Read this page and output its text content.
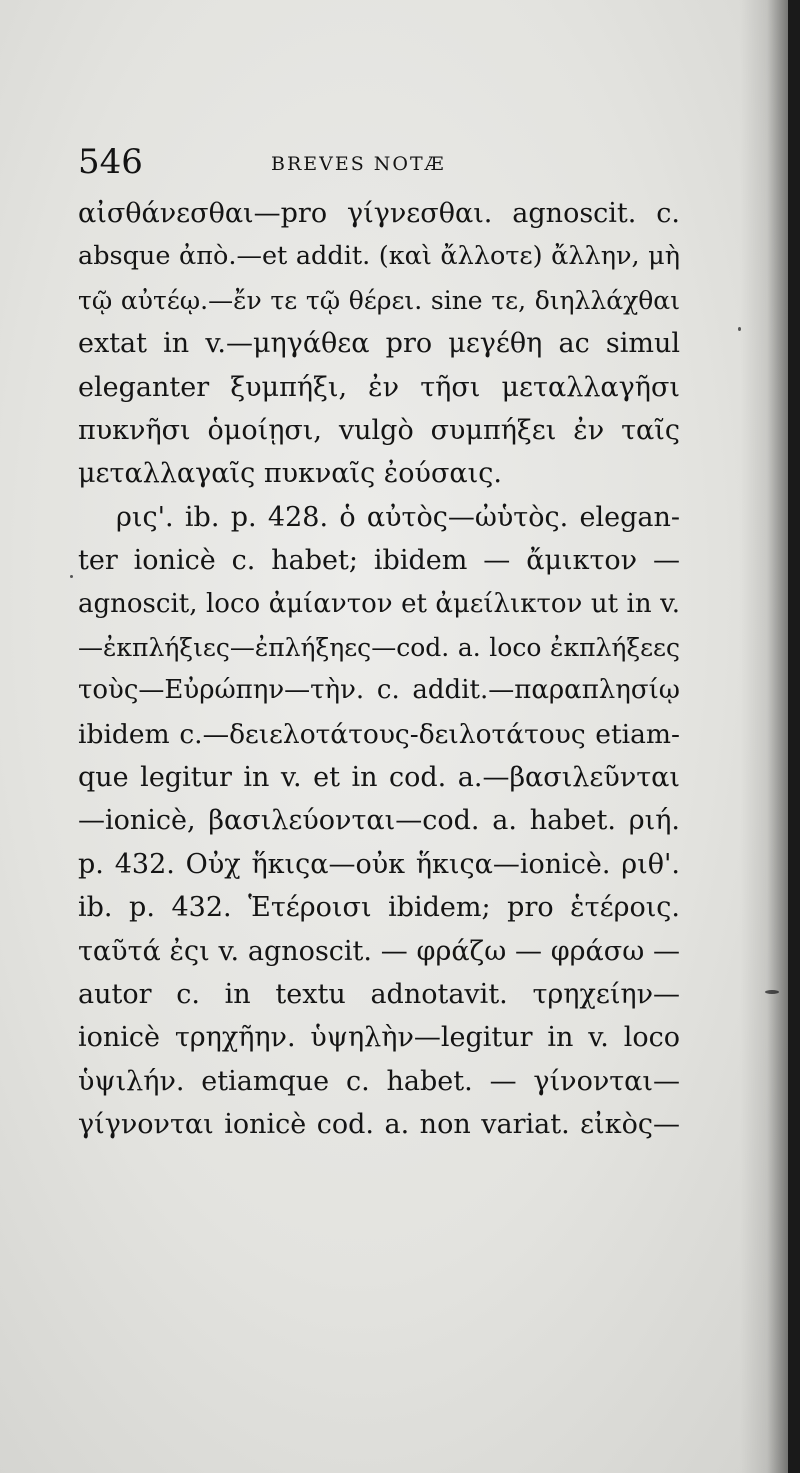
546	BREVES NOTÆ
αἰσθάνεσθαι—pro γίγνεσθαι. agnoscit. c.
absque ἀπὸ.—et addit. (καὶ ἄλλοτε) ἄλλην, μὴ
τῷ αὐτέῳ.—ἔν τε τῷ θέρει. sine τε, διηλλάχθαι
extat in v.—μηγάθεα pro μεγέθη ac simul
eleganter ξυμπήξι, ἐν τῆσι μεταλλαγῆσι
πυκνῆσι ὁμοίῃσι, vulgò συμπήξει ἐν ταῖς
μεταλλαγαῖς πυκναῖς ἐούσαις.
ρις'. ib. p. 428. ὁ αὐτὸς—ὠὑτὸς. elegan-
ter ionicè c. habet; ibidem — ἄμικτον —
agnoscit, loco ἀμίαντον et ἀμείλικτον ut in v.
—ἐκπλήξιες—ἐπλήξηες—cod. a. loco ἐκπλήξεες
τοὺς—Εὐρώπην—τὴν. c. addit.—παραπλησίῳ
ibidem c.—δειελοτάτους-δειλοτάτους etiam-
que legitur in v. et in cod. a.—βασιλεῦνται
—ionicè, βασιλεύονται—cod. a. habet. ριή.
p. 432. Οὐχ ἥκιςα—οὐκ ἥκιςα—ionicè. ριθ'.
ib. p. 432. Ἑτέροισι ibidem; pro ἑτέροις.
ταῦτά ἐςι v. agnoscit. — φράζω — φράσω —
autor c. in textu adnotavit. τρηχείην—
ionicè τρηχῆην. ὑψηλὴν—legitur in v. loco
ὑψιλήν. etiamque c. habet. — γίνονται—
γίγνονται ionicè cod. a. non variat. εἰκὸς—
